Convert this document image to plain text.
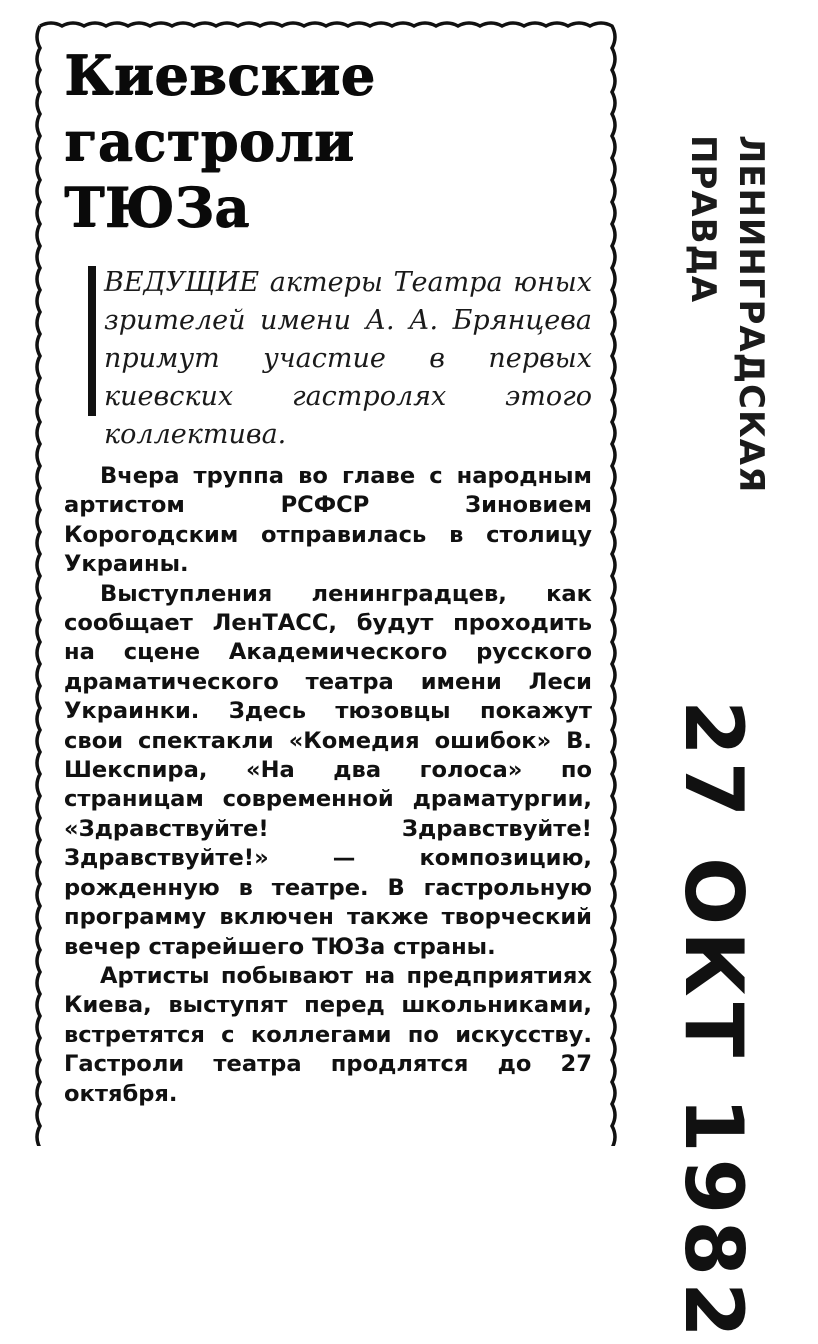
Киевские
гастроли
ТЮЗа

ВЕДУЩИЕ актеры Театра юных зрителей имени А. А. Брянцева примут участие в первых киевских гастролях этого коллектива.

Вчера труппа во главе с народным артистом РСФСР Зиновием Корогодским отправилась в столицу Украины.

Выступления ленинградцев, как сообщает ЛенТАСС, будут проходить на сцене Академического русского драматического театра имени Леси Украинки. Здесь тюзовцы покажут свои спектакли «Комедия ошибок» В. Шекспира, «На два голоса» по страницам современной драматургии, «Здравствуйте! Здравствуйте! Здравствуйте!» — композицию, рожденную в театре. В гастрольную программу включен также творческий вечер старейшего ТЮЗа страны.

Артисты побывают на предприятиях Киева, выступят перед школьниками, встретятся с коллегами по искусству. Гастроли театра продлятся до 27 октября.

ЛЕНИНГРАДСКАЯ
ПРАВДА
27 ОКТ 1982
